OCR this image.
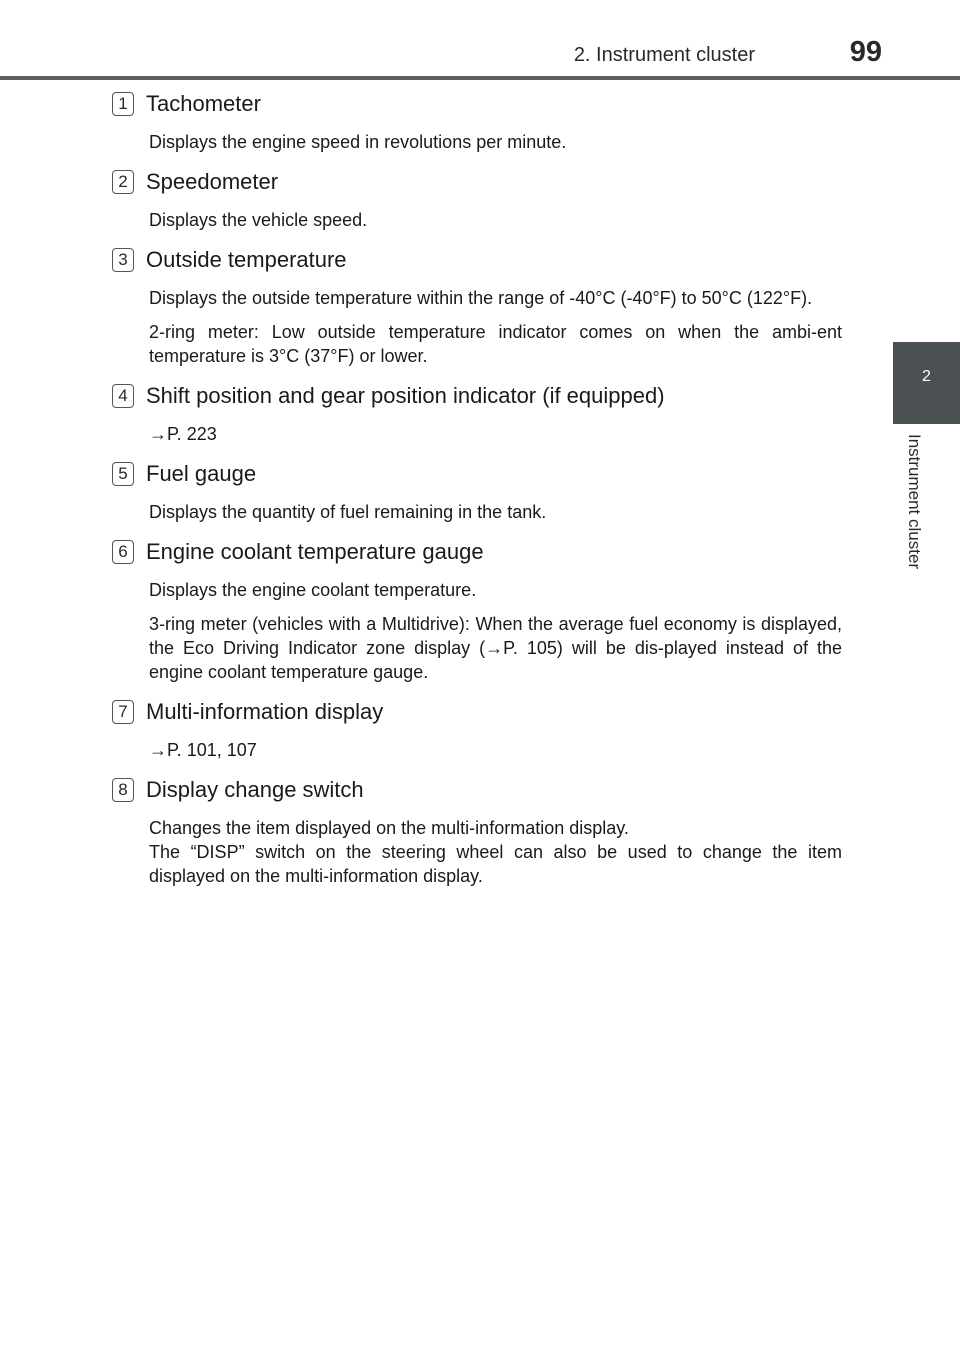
2. Instrument cluster	99
2
Instrument cluster
1 Tachometer

Displays the engine speed in revolutions per minute.

2 Speedometer

Displays the vehicle speed.

3 Outside temperature

Displays the outside temperature within the range of -40°C (-40°F) to 50°C (122°F).

2-ring meter: Low outside temperature indicator comes on when the ambi-ent temperature is 3°C (37°F) or lower.

4 Shift position and gear position indicator (if equipped)

→P. 223

5 Fuel gauge

Displays the quantity of fuel remaining in the tank.

6 Engine coolant temperature gauge

Displays the engine coolant temperature.

3-ring meter (vehicles with a Multidrive): When the average fuel economy is displayed, the Eco Driving Indicator zone display (→P. 105) will be dis-played instead of the engine coolant temperature gauge.

7 Multi-information display

→P. 101, 107

8 Display change switch

Changes the item displayed on the multi-information display.

The “DISP” switch on the steering wheel can also be used to change the item displayed on the multi-information display.
